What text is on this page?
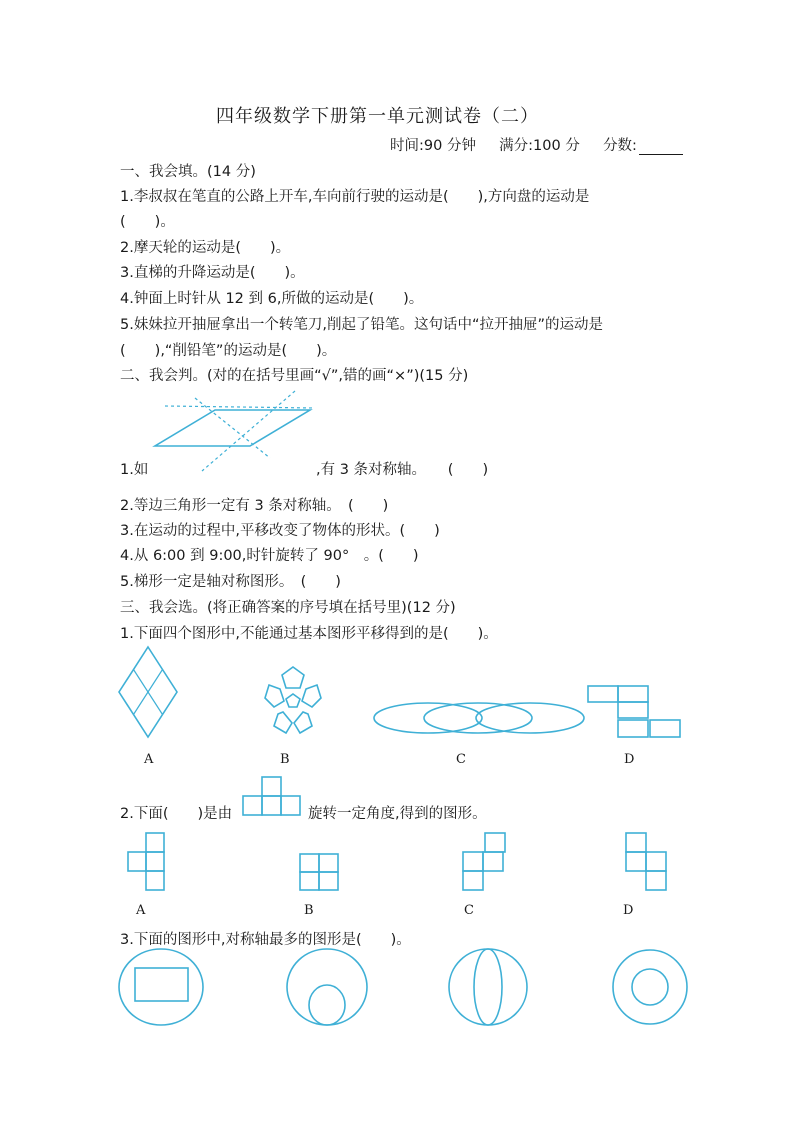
四年级数学下册第一单元测试卷（二）
时间:90 分钟 满分:100 分 分数:
一、我会填。(14 分)
1.李叔叔在笔直的公路上开车,车向前行驶的运动是(　　),方向盘的运动是
(　　)。
2.摩天轮的运动是(　　)。
3.直梯的升降运动是(　　)。
4.钟面上时针从 12 到 6,所做的运动是(　　)。
5.妹妹拉开抽屉拿出一个转笔刀,削起了铅笔。这句话中“拉开抽屉”的运动是
(　　),“削铅笔”的运动是(　　)。
二、我会判。(对的在括号里画“√”,错的画“×”)(15 分)
1.如	,有 3 条对称轴。　　(　　)
2.等边三角形一定有 3 条对称轴。　(　　)
3.在运动的过程中,平移改变了物体的形状。(　　)
4.从 6:00 到 9:00,时针旋转了 90°　。(　　)
5.梯形一定是轴对称图形。　(　　)
三、我会选。(将正确答案的序号填在括号里)(12 分)
1.下面四个图形中,不能通过基本图形平移得到的是(　　)。
A	B	C	D
2.下面(　　)是由	旋转一定角度,得到的图形。
A	B	C	D
3.下面的图形中,对称轴最多的图形是(　　)。
